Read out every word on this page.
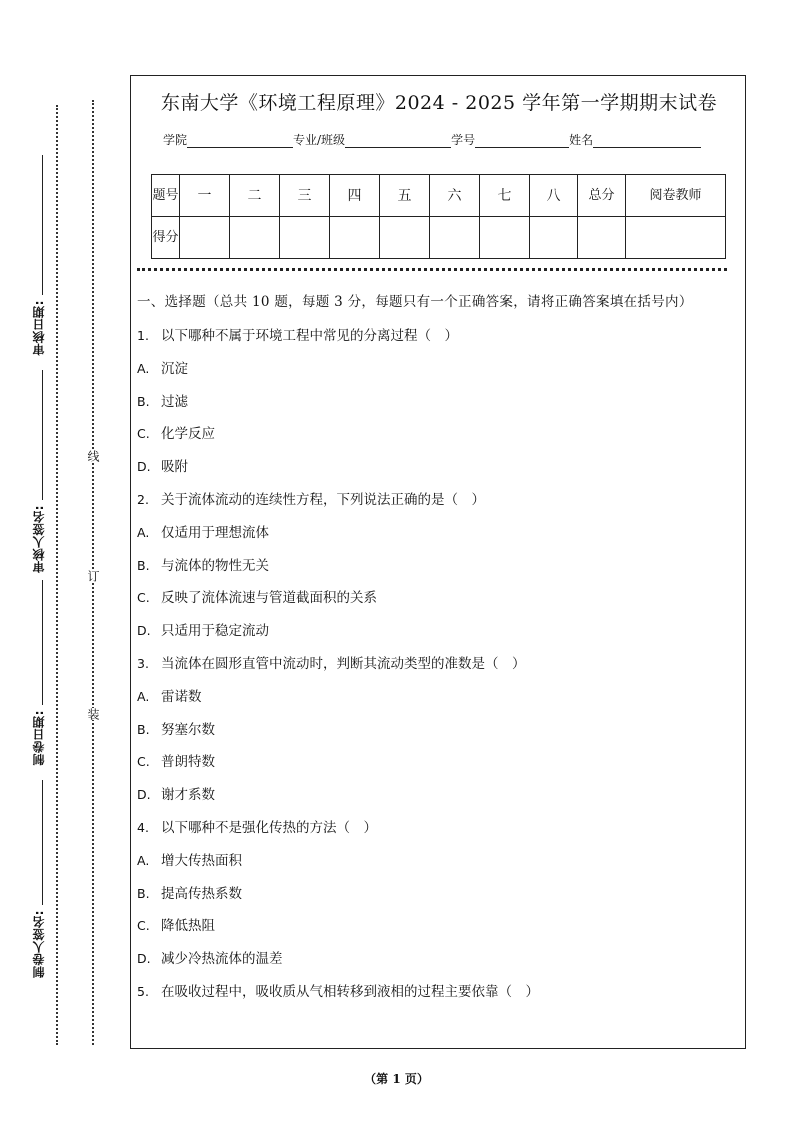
审核日期:
审核人签名:
制卷日期:
制卷人签名:
线
订
装
东南大学《环境工程原理》2024 - 2025 学年第一学期期末试卷
学院	专业/班级	学号	姓名
题号	一	二	三	四	五	六	七	八	总分	阅卷教师
得分										
一、选择题（总共 10 题，每题 3 分，每题只有一个正确答案，请将正确答案填在括号内）
1. 以下哪种不属于环境工程中常见的分离过程（　）
A. 沉淀
B. 过滤
C. 化学反应
D. 吸附
2. 关于流体流动的连续性方程，下列说法正确的是（　）
A. 仅适用于理想流体
B. 与流体的物性无关
C. 反映了流体流速与管道截面积的关系
D. 只适用于稳定流动
3. 当流体在圆形直管中流动时，判断其流动类型的准数是（　）
A. 雷诺数
B. 努塞尔数
C. 普朗特数
D. 谢才系数
4. 以下哪种不是强化传热的方法（　）
A. 增大传热面积
B. 提高传热系数
C. 降低热阻
D. 减少冷热流体的温差
5. 在吸收过程中，吸收质从气相转移到液相的过程主要依靠（　）
（第 1 页）
